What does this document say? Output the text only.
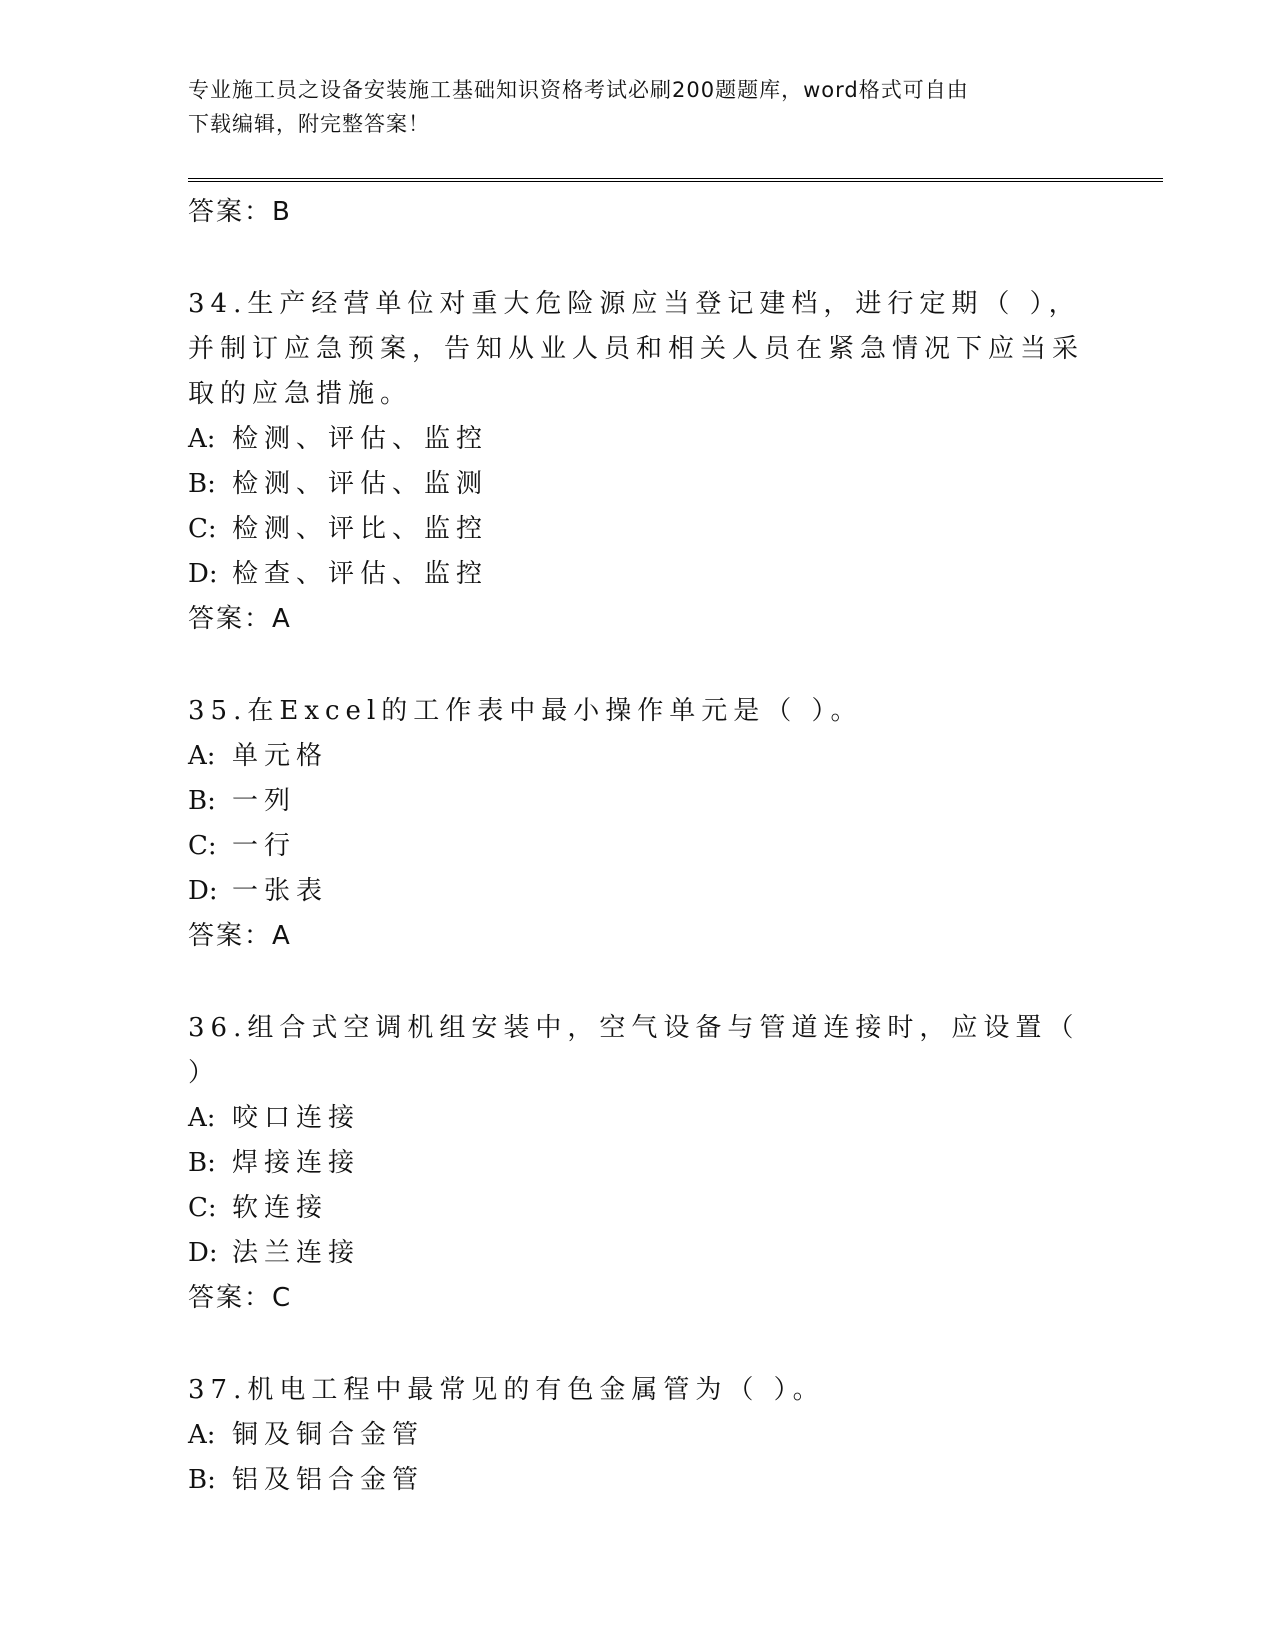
专业施工员之设备安装施工基础知识资格考试必刷200题题库，word格式可自由
下载编辑，附完整答案！
答案：B
34.生产经营单位对重大危险源应当登记建档，进行定期（ ），并制订应急预案，告知从业人员和相关人员在紧急情况下应当采取的应急措施。
A: 检测、评估、监控
B: 检测、评估、监测
C: 检测、评比、监控
D: 检查、评估、监控
答案：A
35.在Excel的工作表中最小操作单元是（ ）。
A: 单元格
B: 一列
C: 一行
D: 一张表
答案：A
36.组合式空调机组安装中，空气设备与管道连接时，应设置（ ）
A: 咬口连接
B: 焊接连接
C: 软连接
D: 法兰连接
答案：C
37.机电工程中最常见的有色金属管为（ ）。
A: 铜及铜合金管
B: 铝及铝合金管
